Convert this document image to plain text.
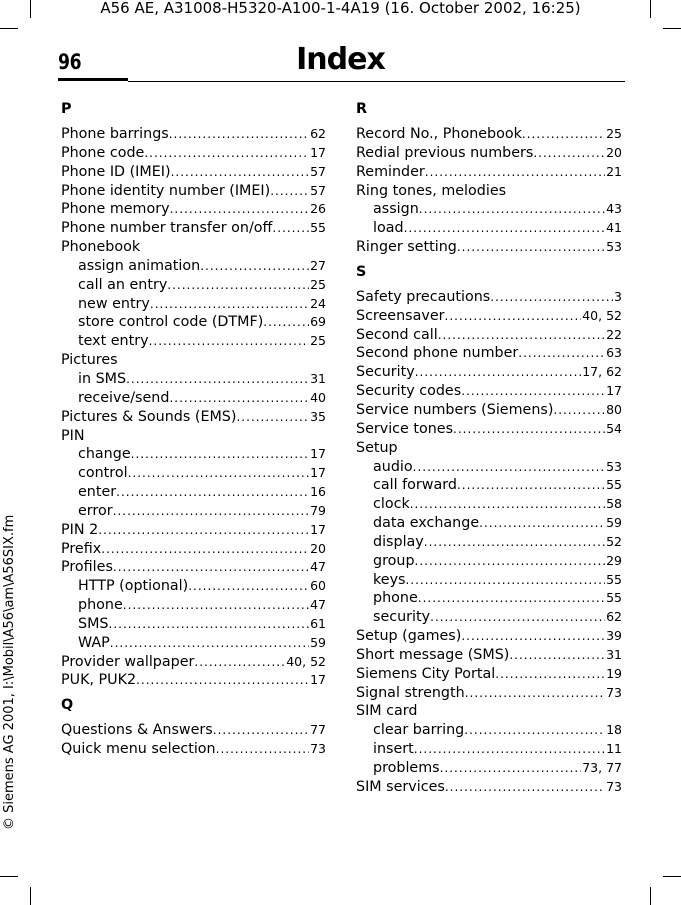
A56 AE, A31008-H5320-A100-1-4A19 (16. October 2002, 16:25)
© Siemens AG 2001, I:\Mobil\A56\am\A56SIX.fm
96	Index
P
Phone barrings .....	62
Phone code .....	17
Phone ID (IMEI) .....	57
Phone identity number (IMEI) .....	57
Phone memory .....	26
Phone number transfer on/off .....	55
Phonebook
assign animation .....	27
call an entry .....	25
new entry .....	24
store control code (DTMF) .....	69
text entry .....	25
Pictures
in SMS .....	31
receive/send .....	40
Pictures & Sounds (EMS) .....	35
PIN
change .....	17
control .....	17
enter .....	16
error .....	79
PIN 2 .....	17
Prefix .....	20
Profiles .....	47
HTTP (optional) .....	60
phone .....	47
SMS .....	61
WAP .....	59
Provider wallpaper .....	40, 52
PUK, PUK2 .....	17
Q
Questions & Answers .....	77
Quick menu selection .....	73
R
Record No., Phonebook .....	25
Redial previous numbers .....	20
Reminder .....	21
Ring tones, melodies
assign .....	43
load .....	41
Ringer setting .....	53
S
Safety precautions .....	3
Screensaver .....	40, 52
Second call .....	22
Second phone number .....	63
Security .....	17, 62
Security codes .....	17
Service numbers (Siemens) .....	80
Service tones .....	54
Setup
audio .....	53
call forward .....	55
clock .....	58
data exchange .....	59
display .....	52
group .....	29
keys .....	55
phone .....	55
security .....	62
Setup (games) .....	39
Short message (SMS) .....	31
Siemens City Portal .....	19
Signal strength .....	73
SIM card
clear barring .....	18
insert .....	11
problems .....	73, 77
SIM services .....	73
